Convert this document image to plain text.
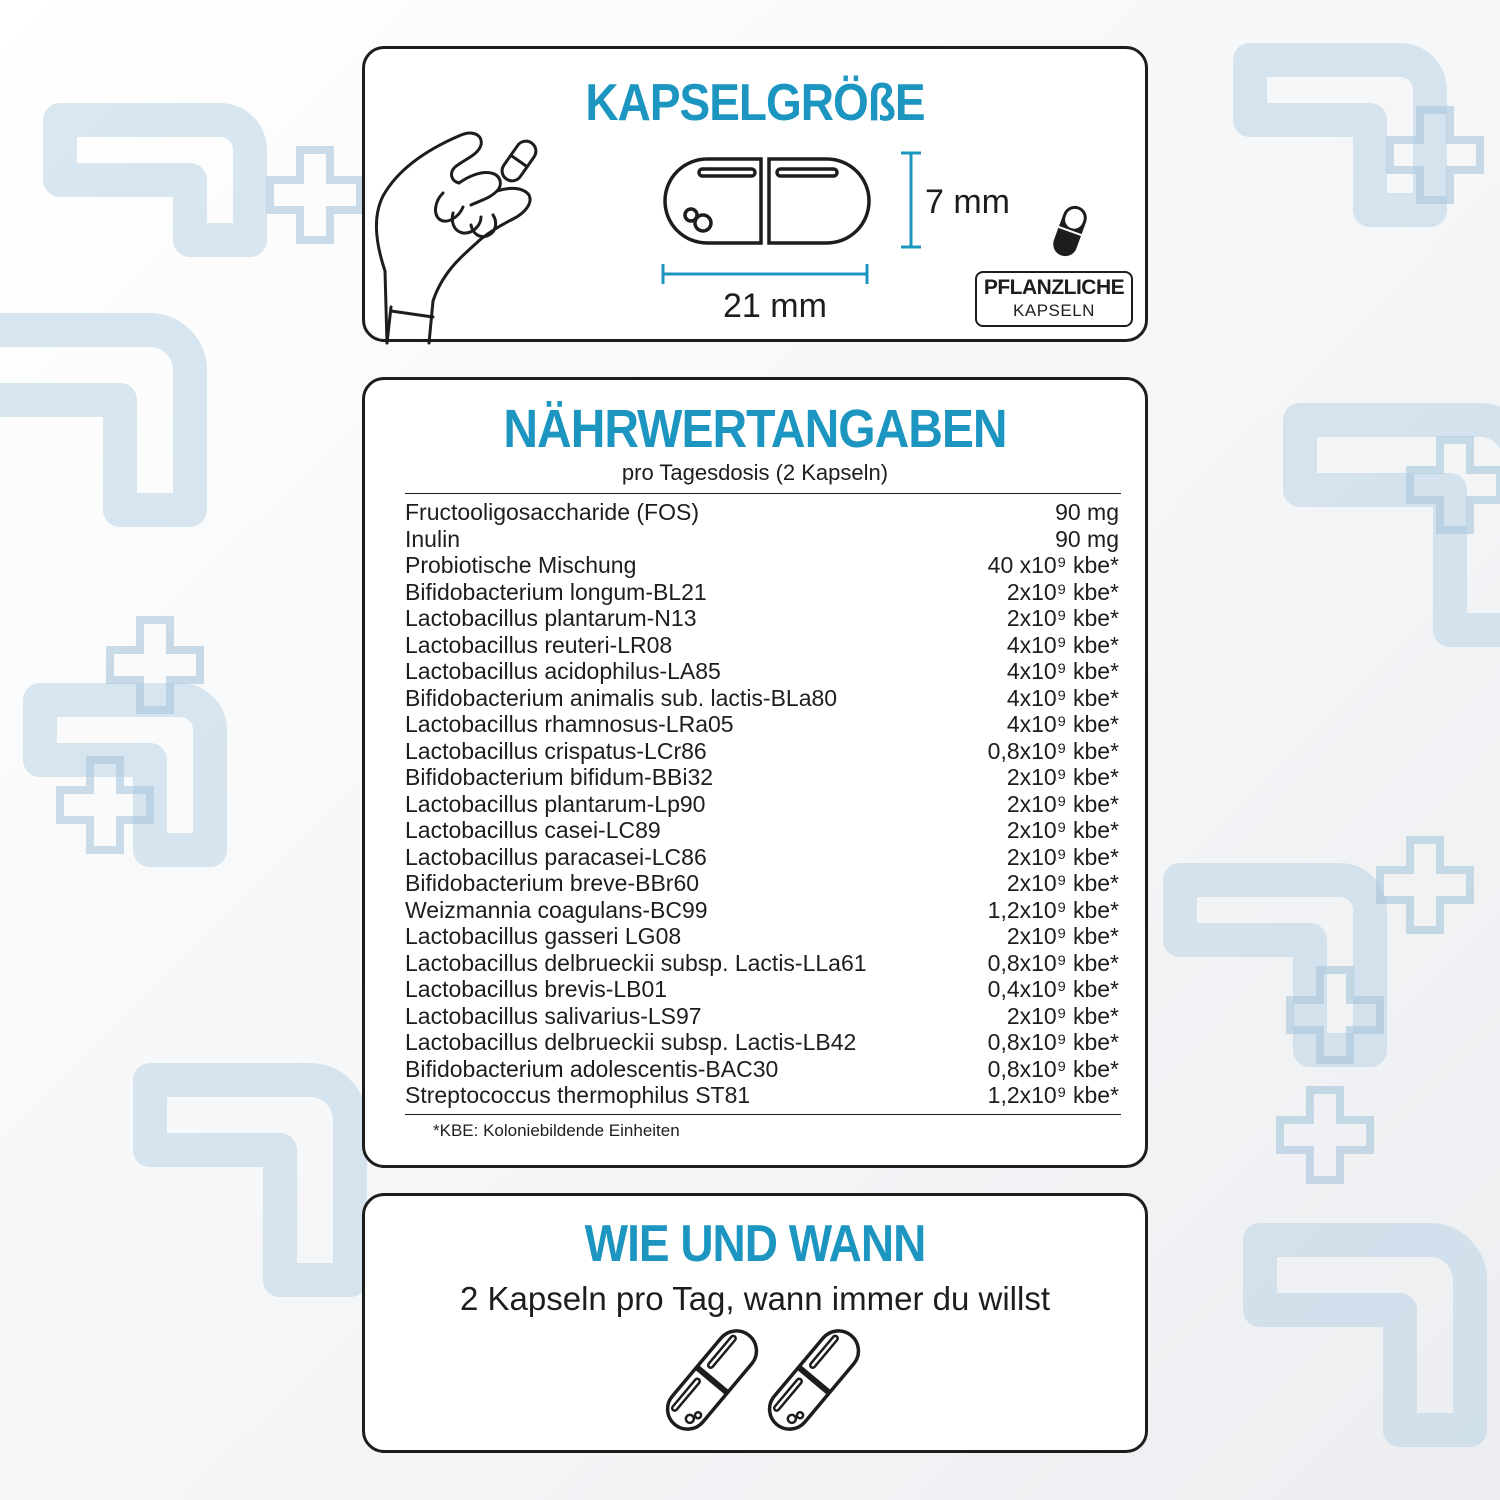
KAPSELGRÖßE
7 mm
21 mm	PFLANZLICHE
KAPSELN
NÄHRWERTANGABEN
pro Tagesdosis (2 Kapseln)
Fructooligosaccharide (FOS)	90 mg
Inulin	90 mg
Probiotische Mischung	40 x10⁹ kbe*
Bifidobacterium longum-BL21	2x10⁹ kbe*
Lactobacillus plantarum-N13	2x10⁹ kbe*
Lactobacillus reuteri-LR08	4x10⁹ kbe*
Lactobacillus acidophilus-LA85	4x10⁹ kbe*
Bifidobacterium animalis sub. lactis-BLa80	4x10⁹ kbe*
Lactobacillus rhamnosus-LRa05	4x10⁹ kbe*
Lactobacillus crispatus-LCr86	0,8x10⁹ kbe*
Bifidobacterium bifidum-BBi32	2x10⁹ kbe*
Lactobacillus plantarum-Lp90	2x10⁹ kbe*
Lactobacillus casei-LC89	2x10⁹ kbe*
Lactobacillus paracasei-LC86	2x10⁹ kbe*
Bifidobacterium breve-BBr60	2x10⁹ kbe*
Weizmannia coagulans-BC99	1,2x10⁹ kbe*
Lactobacillus gasseri LG08	2x10⁹ kbe*
Lactobacillus delbrueckii subsp. Lactis-LLa61	0,8x10⁹ kbe*
Lactobacillus brevis-LB01	0,4x10⁹ kbe*
Lactobacillus salivarius-LS97	2x10⁹ kbe*
Lactobacillus delbrueckii subsp. Lactis-LB42	0,8x10⁹ kbe*
Bifidobacterium adolescentis-BAC30	0,8x10⁹ kbe*
Streptococcus thermophilus ST81	1,2x10⁹ kbe*
*KBE: Koloniebildende Einheiten
WIE UND WANN
2 Kapseln pro Tag, wann immer du willst
